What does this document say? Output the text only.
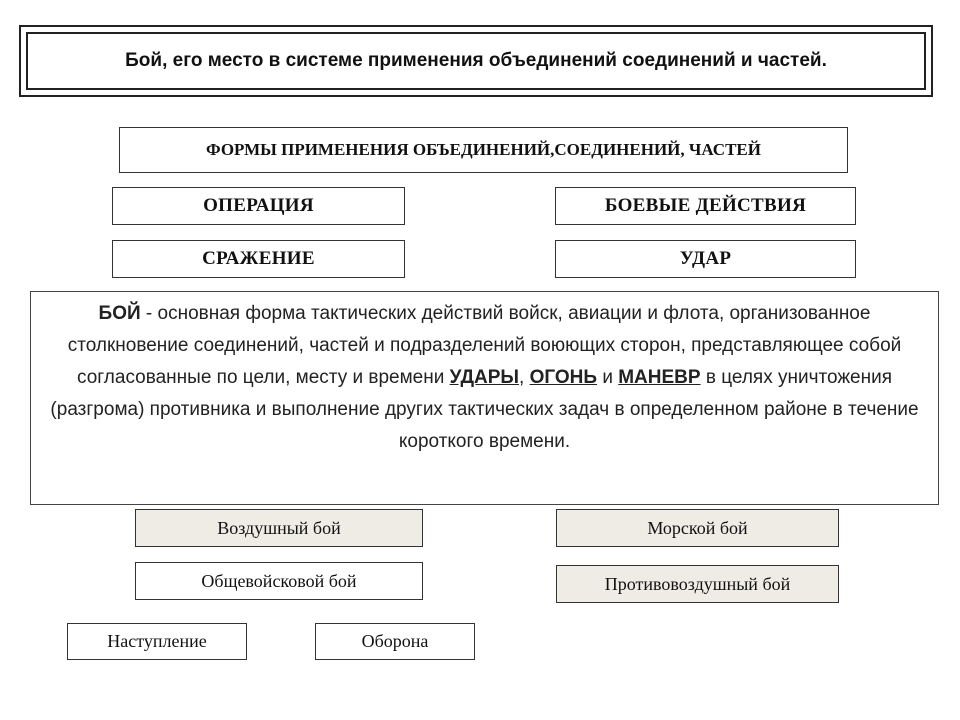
Бой, его место в системе применения объединений соединений и частей.
ФОРМЫ ПРИМЕНЕНИЯ ОБЪЕДИНЕНИЙ,СОЕДИНЕНИЙ, ЧАСТЕЙ
ОПЕРАЦИЯ	БОЕВЫЕ ДЕЙСТВИЯ
СРАЖЕНИЕ	УДАР
БОЙ - основная форма тактических действий войск, авиации и флота, организованное столкновение соединений, частей и подразделений воюющих сторон, представляющее собой согласованные по цели, месту и времени УДАРЫ, ОГОНЬ и МАНЕВР в целях уничтожения (разгрома) противника и выполнение других тактических задач в определенном районе в течение короткого времени.
Воздушный бой	Морской бой
Общевойсковой бой	Противовоздушный бой
Наступление	Оборона
